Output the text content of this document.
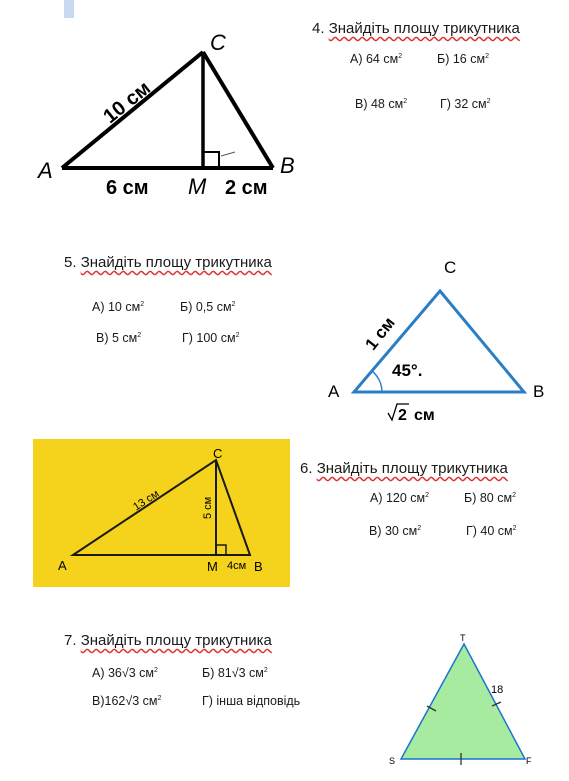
4. Знайдіть площу трикутника
А) 64 $см^2$	Б) 16 $см^2$
В) 48 $см^2$	Г) 32 $см^2$
A
C
B
M
10 см
6 см	2 см
5. Знайдіть площу трикутника
А) 10 $см^2$	Б) 0,5 $см^2$
В) 5 $см^2$	Г) 100 $см^2$
C
A	B
1 см
45°.
2 см
C
A	M	B
13 см	5 см
4см
6. Знайдіть площу трикутника
А) 120 $см^2$	Б) 80 $см^2$
В) 30 $см^2$	Г) 40 $см^2$
7. Знайдіть площу трикутника
А) 36√3 $см^2$	Б) 81√3 $см^2$
В)162√3 $см^2$	Г) інша відповідь
T
S	F
18
